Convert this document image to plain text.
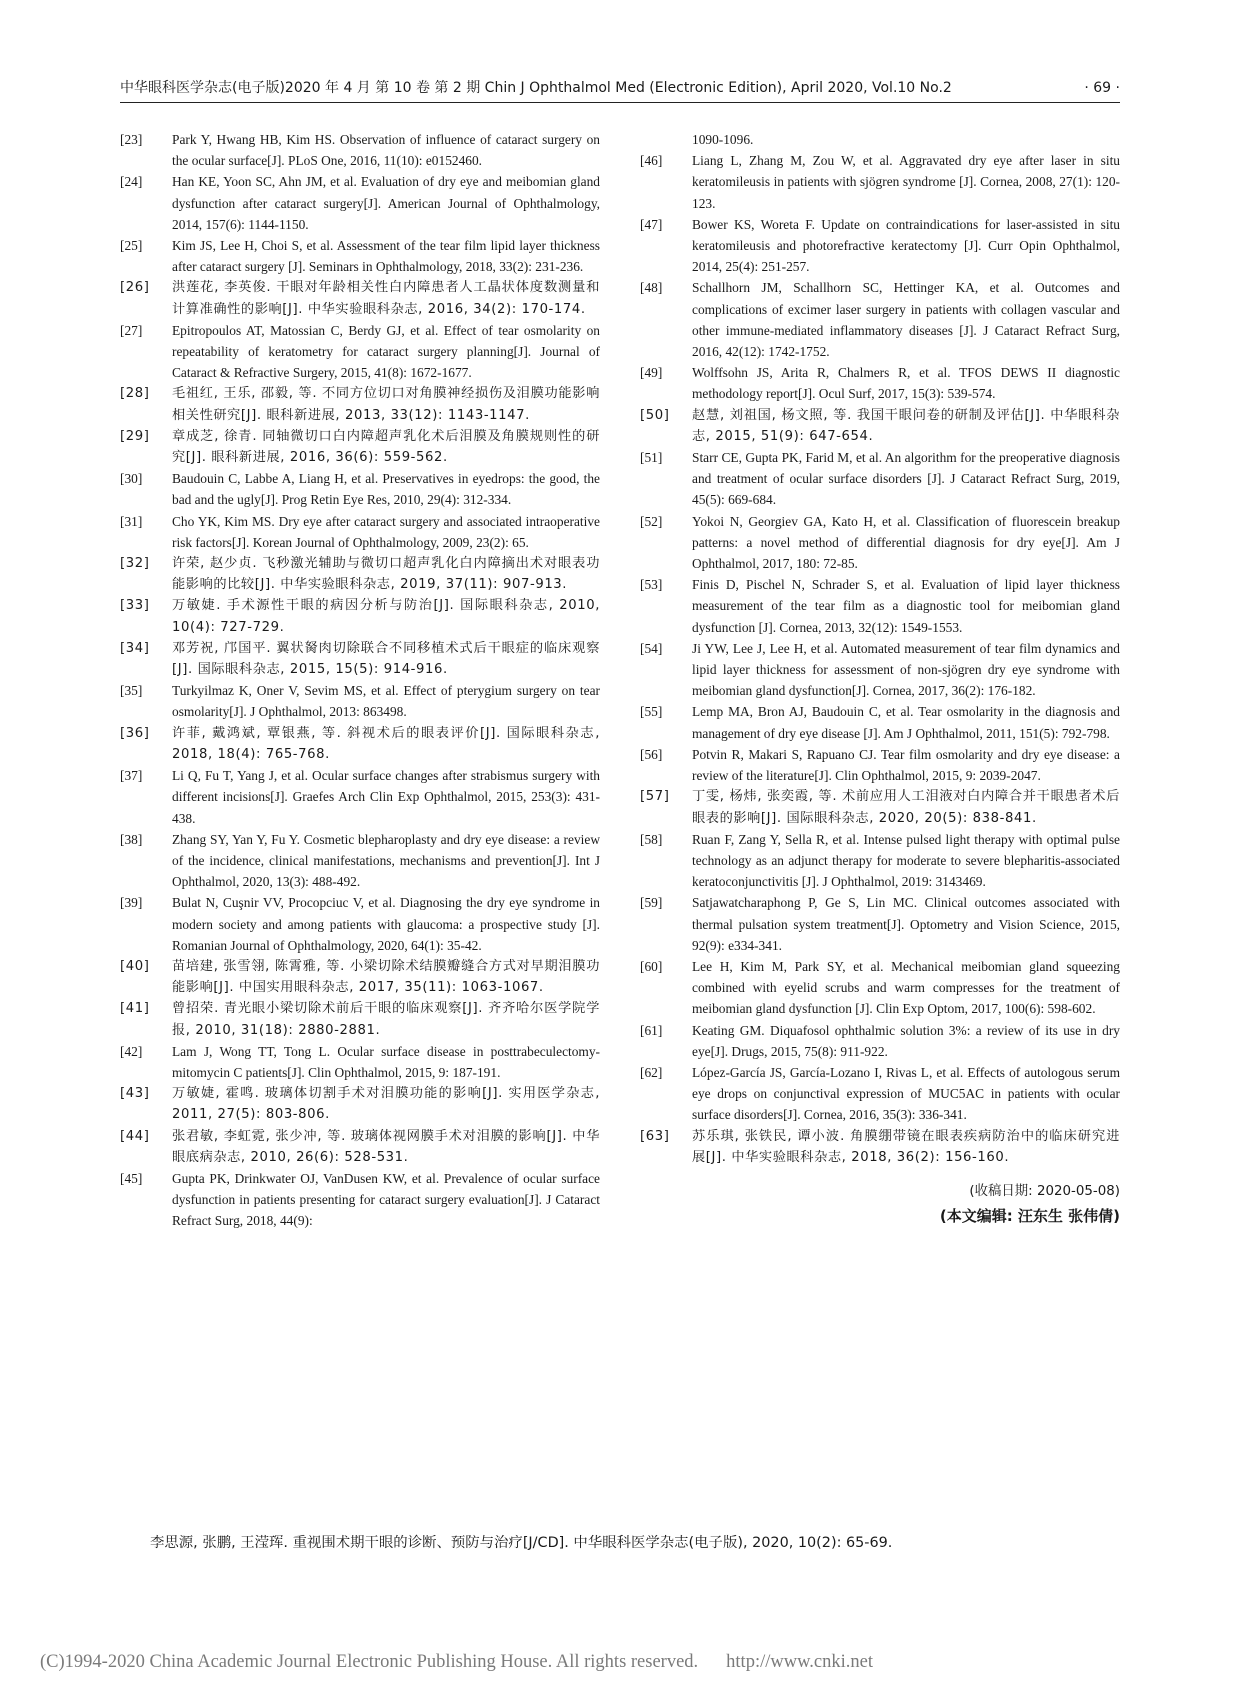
中华眼科医学杂志(电子版)2020 年 4 月 第 10 卷 第 2 期 Chin J Ophthalmol Med (Electronic Edition), April 2020, Vol.10 No.2	· 69 ·

[23] Park Y, Hwang HB, Kim HS. Observation of influence of cataract surgery on the ocular surface[J]. PLoS One, 2016, 11(10): e0152460.

[24] Han KE, Yoon SC, Ahn JM, et al. Evaluation of dry eye and meibomian gland dysfunction after cataract surgery[J]. American Journal of Ophthalmology, 2014, 157(6): 1144-1150.

[25] Kim JS, Lee H, Choi S, et al. Assessment of the tear film lipid layer thickness after cataract surgery [J]. Seminars in Ophthalmology, 2018, 33(2): 231-236.

[26] 洪莲花, 李英俊. 干眼对年龄相关性白内障患者人工晶状体度数测量和计算准确性的影响[J]. 中华实验眼科杂志, 2016, 34(2): 170-174.

[27] Epitropoulos AT, Matossian C, Berdy GJ, et al. Effect of tear osmolarity on repeatability of keratometry for cataract surgery planning[J]. Journal of Cataract & Refractive Surgery, 2015, 41(8): 1672-1677.

[28] 毛祖红, 王乐, 邵毅, 等. 不同方位切口对角膜神经损伤及泪膜功能影响相关性研究[J]. 眼科新进展, 2013, 33(12): 1143-1147.

[29] 章成芝, 徐青. 同轴微切口白内障超声乳化术后泪膜及角膜规则性的研究[J]. 眼科新进展, 2016, 36(6): 559-562.

[30] Baudouin C, Labbe A, Liang H, et al. Preservatives in eyedrops: the good, the bad and the ugly[J]. Prog Retin Eye Res, 2010, 29(4): 312-334.

[31] Cho YK, Kim MS. Dry eye after cataract surgery and associated intraoperative risk factors[J]. Korean Journal of Ophthalmology, 2009, 23(2): 65.

[32] 许荣, 赵少贞. 飞秒激光辅助与微切口超声乳化白内障摘出术对眼表功能影响的比较[J]. 中华实验眼科杂志, 2019, 37(11): 907-913.

[33] 万敏婕. 手术源性干眼的病因分析与防治[J]. 国际眼科杂志, 2010, 10(4): 727-729.

[34] 邓芳祝, 邝国平. 翼状胬肉切除联合不同移植术式后干眼症的临床观察[J]. 国际眼科杂志, 2015, 15(5): 914-916.

[35] Turkyilmaz K, Oner V, Sevim MS, et al. Effect of pterygium surgery on tear osmolarity[J]. J Ophthalmol, 2013: 863498.

[36] 许菲, 戴鸿斌, 覃银燕, 等. 斜视术后的眼表评价[J]. 国际眼科杂志, 2018, 18(4): 765-768.

[37] Li Q, Fu T, Yang J, et al. Ocular surface changes after strabismus surgery with different incisions[J]. Graefes Arch Clin Exp Ophthalmol, 2015, 253(3): 431-438.

[38] Zhang SY, Yan Y, Fu Y. Cosmetic blepharoplasty and dry eye disease: a review of the incidence, clinical manifestations, mechanisms and prevention[J]. Int J Ophthalmol, 2020, 13(3): 488-492.

[39] Bulat N, Cuşnir VV, Procopciuc V, et al. Diagnosing the dry eye syndrome in modern society and among patients with glaucoma: a prospective study [J]. Romanian Journal of Ophthalmology, 2020, 64(1): 35-42.

[40] 苗培建, 张雪翎, 陈霄雅, 等. 小梁切除术结膜瓣缝合方式对早期泪膜功能影响[J]. 中国实用眼科杂志, 2017, 35(11): 1063-1067.

[41] 曾招荣. 青光眼小梁切除术前后干眼的临床观察[J]. 齐齐哈尔医学院学报, 2010, 31(18): 2880-2881.

[42] Lam J, Wong TT, Tong L. Ocular surface disease in posttrabeculectomy-mitomycin C patients[J]. Clin Ophthalmol, 2015, 9: 187-191.

[43] 万敏婕, 霍鸣. 玻璃体切割手术对泪膜功能的影响[J]. 实用医学杂志, 2011, 27(5): 803-806.

[44] 张君敏, 李虹霓, 张少冲, 等. 玻璃体视网膜手术对泪膜的影响[J]. 中华眼底病杂志, 2010, 26(6): 528-531.

[45] Gupta PK, Drinkwater OJ, VanDusen KW, et al. Prevalence of ocular surface dysfunction in patients presenting for cataract surgery evaluation[J]. J Cataract Refract Surg, 2018, 44(9):

1090-1096.

[46] Liang L, Zhang M, Zou W, et al. Aggravated dry eye after laser in situ keratomileusis in patients with sjögren syndrome [J]. Cornea, 2008, 27(1): 120-123.

[47] Bower KS, Woreta F. Update on contraindications for laser-assisted in situ keratomileusis and photorefractive keratectomy [J]. Curr Opin Ophthalmol, 2014, 25(4): 251-257.

[48] Schallhorn JM, Schallhorn SC, Hettinger KA, et al. Outcomes and complications of excimer laser surgery in patients with collagen vascular and other immune-mediated inflammatory diseases [J]. J Cataract Refract Surg, 2016, 42(12): 1742-1752.

[49] Wolffsohn JS, Arita R, Chalmers R, et al. TFOS DEWS II diagnostic methodology report[J]. Ocul Surf, 2017, 15(3): 539-574.

[50] 赵慧, 刘祖国, 杨文照, 等. 我国干眼问卷的研制及评估[J]. 中华眼科杂志, 2015, 51(9): 647-654.

[51] Starr CE, Gupta PK, Farid M, et al. An algorithm for the preoperative diagnosis and treatment of ocular surface disorders [J]. J Cataract Refract Surg, 2019, 45(5): 669-684.

[52] Yokoi N, Georgiev GA, Kato H, et al. Classification of fluorescein breakup patterns: a novel method of differential diagnosis for dry eye[J]. Am J Ophthalmol, 2017, 180: 72-85.

[53] Finis D, Pischel N, Schrader S, et al. Evaluation of lipid layer thickness measurement of the tear film as a diagnostic tool for meibomian gland dysfunction [J]. Cornea, 2013, 32(12): 1549-1553.

[54] Ji YW, Lee J, Lee H, et al. Automated measurement of tear film dynamics and lipid layer thickness for assessment of non-sjögren dry eye syndrome with meibomian gland dysfunction[J]. Cornea, 2017, 36(2): 176-182.

[55] Lemp MA, Bron AJ, Baudouin C, et al. Tear osmolarity in the diagnosis and management of dry eye disease [J]. Am J Ophthalmol, 2011, 151(5): 792-798.

[56] Potvin R, Makari S, Rapuano CJ. Tear film osmolarity and dry eye disease: a review of the literature[J]. Clin Ophthalmol, 2015, 9: 2039-2047.

[57] 丁雯, 杨炜, 张奕霞, 等. 术前应用人工泪液对白内障合并干眼患者术后眼表的影响[J]. 国际眼科杂志, 2020, 20(5): 838-841.

[58] Ruan F, Zang Y, Sella R, et al. Intense pulsed light therapy with optimal pulse technology as an adjunct therapy for moderate to severe blepharitis-associated keratoconjunctivitis [J]. J Ophthalmol, 2019: 3143469.

[59] Satjawatcharaphong P, Ge S, Lin MC. Clinical outcomes associated with thermal pulsation system treatment[J]. Optometry and Vision Science, 2015, 92(9): e334-341.

[60] Lee H, Kim M, Park SY, et al. Mechanical meibomian gland squeezing combined with eyelid scrubs and warm compresses for the treatment of meibomian gland dysfunction [J]. Clin Exp Optom, 2017, 100(6): 598-602.

[61] Keating GM. Diquafosol ophthalmic solution 3%: a review of its use in dry eye[J]. Drugs, 2015, 75(8): 911-922.

[62] López-García JS, García-Lozano I, Rivas L, et al. Effects of autologous serum eye drops on conjunctival expression of MUC5AC in patients with ocular surface disorders[J]. Cornea, 2016, 35(3): 336-341.

[63] 苏乐琪, 张铁民, 谭小波. 角膜绷带镜在眼表疾病防治中的临床研究进展[J]. 中华实验眼科杂志, 2018, 36(2): 156-160.

(收稿日期: 2020-05-08)
(本文编辑: 汪东生 张伟倩)
李思源, 张鹏, 王滢珲. 重视围术期干眼的诊断、预防与治疗[J/CD]. 中华眼科医学杂志(电子版), 2020, 10(2): 65-69.
(C)1994-2020 China Academic Journal Electronic Publishing House. All rights reserved. http://www.cnki.net
